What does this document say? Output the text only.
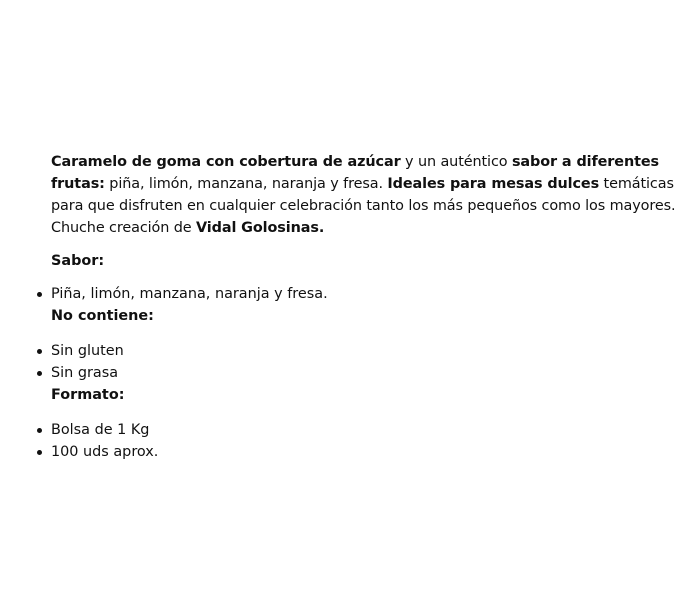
Caramelo de goma con cobertura de azúcar y un auténtico sabor a diferentes frutas: piña, limón, manzana, naranja y fresa. Ideales para mesas dulces temáticas para que disfruten en cualquier celebración tanto los más pequeños como los mayores. Chuche creación de Vidal Golosinas.

Sabor:

Piña, limón, manzana, naranja y fresa.

No contiene:

Sin gluten
Sin grasa

Formato:

Bolsa de 1 Kg
100 uds aprox.
